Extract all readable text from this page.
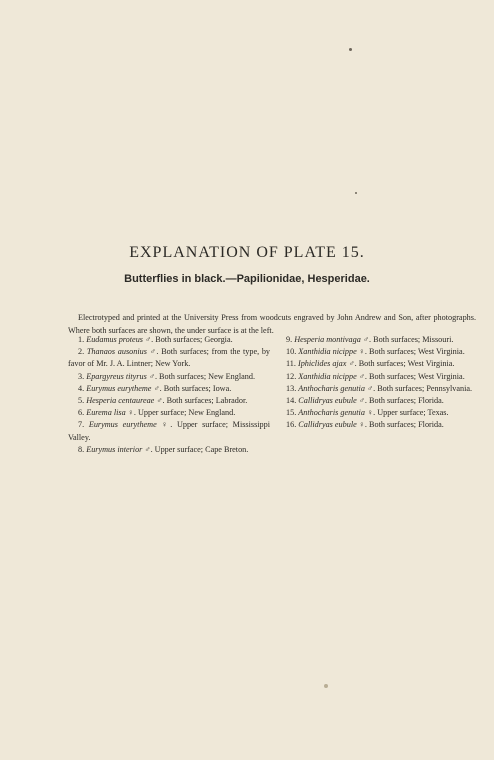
EXPLANATION OF PLATE 15.
Butterflies in black.—Papilionidae, Hesperidae.

Electrotyped and printed at the University Press from woodcuts engraved by John Andrew and Son, after photographs. Where both surfaces are shown, the under surface is at the left.

1. Eudamus proteus ♂. Both surfaces; Georgia.

2. Thanaos ausonius ♂. Both surfaces; from the type, by favor of Mr. J. A. Lintner; New York.

3. Epargyreus tityrus ♂. Both surfaces; New England.

4. Eurymus eurytheme ♂. Both surfaces; Iowa.

5. Hesperia centaureae ♂. Both surfaces; Labrador.

6. Eurema lisa ♀. Upper surface; New England.

7. Eurymus eurytheme ♀. Upper surface; Mississippi Valley.

8. Eurymus interior ♂. Upper surface; Cape Breton.

9. Hesperia montivaga ♂. Both surfaces; Missouri.

10. Xanthidia nicippe ♀. Both surfaces; West Virginia.

11. Iphiclides ajax ♂. Both surfaces; West Virginia.

12. Xanthidia nicippe ♂. Both surfaces; West Virginia.

13. Anthocharis genutia ♂. Both surfaces; Pennsylvania.

14. Callidryas eubule ♂. Both surfaces; Florida.

15. Anthocharis genutia ♀. Upper surface; Texas.

16. Callidryas eubule ♀. Both surfaces; Florida.
